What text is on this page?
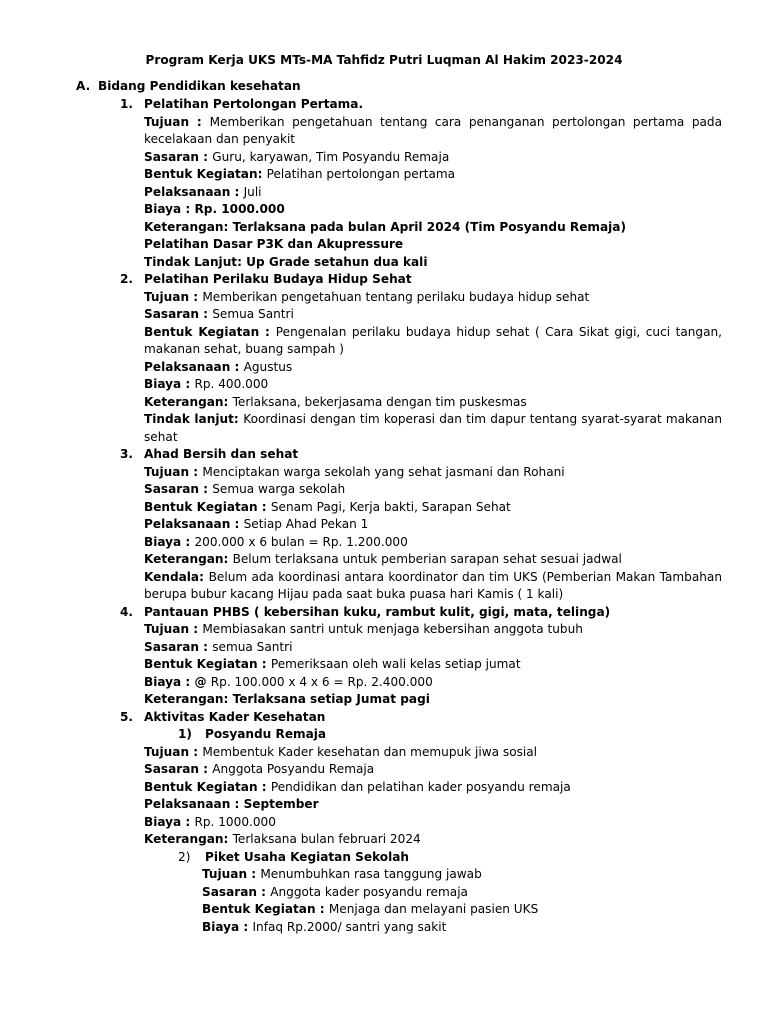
Program Kerja UKS MTs-MA Tahfidz Putri Luqman Al Hakim 2023-2024
A. Bidang Pendidikan kesehatan
1. Pelatihan Pertolongan Pertama.
Tujuan : Memberikan pengetahuan tentang cara penanganan pertolongan pertama pada kecelakaan dan penyakit
Sasaran : Guru, karyawan, Tim Posyandu Remaja
Bentuk Kegiatan: Pelatihan pertolongan pertama
Pelaksanaan : Juli
Biaya : Rp. 1000.000
Keterangan: Terlaksana pada bulan April 2024 (Tim Posyandu Remaja)
Pelatihan Dasar P3K dan Akupressure
Tindak Lanjut: Up Grade setahun dua kali
2. Pelatihan Perilaku Budaya Hidup Sehat
Tujuan : Memberikan pengetahuan tentang perilaku budaya hidup sehat
Sasaran : Semua Santri
Bentuk Kegiatan : Pengenalan perilaku budaya hidup sehat ( Cara Sikat gigi, cuci tangan, makanan sehat, buang sampah )
Pelaksanaan : Agustus
Biaya : Rp. 400.000
Keterangan: Terlaksana, bekerjasama dengan tim puskesmas
Tindak lanjut: Koordinasi dengan tim koperasi dan tim dapur tentang syarat-syarat makanan sehat
3. Ahad Bersih dan sehat
Tujuan : Menciptakan warga sekolah yang sehat jasmani dan Rohani
Sasaran : Semua warga sekolah
Bentuk Kegiatan : Senam Pagi, Kerja bakti, Sarapan Sehat
Pelaksanaan : Setiap Ahad Pekan 1
Biaya : 200.000 x 6 bulan = Rp. 1.200.000
Keterangan: Belum terlaksana untuk pemberian sarapan sehat sesuai jadwal
Kendala: Belum ada koordinasi antara koordinator dan tim UKS (Pemberian Makan Tambahan berupa bubur kacang Hijau pada saat buka puasa hari Kamis ( 1 kali)
4. Pantauan PHBS ( kebersihan kuku, rambut kulit, gigi, mata, telinga)
Tujuan : Membiasakan santri untuk menjaga kebersihan anggota tubuh
Sasaran : semua Santri
Bentuk Kegiatan : Pemeriksaan oleh wali kelas setiap jumat
Biaya : @ Rp. 100.000 x 4 x 6 = Rp. 2.400.000
Keterangan: Terlaksana setiap Jumat pagi
5. Aktivitas Kader Kesehatan
1) Posyandu Remaja
Tujuan : Membentuk Kader kesehatan dan memupuk jiwa sosial
Sasaran : Anggota Posyandu Remaja
Bentuk Kegiatan : Pendidikan dan pelatihan kader posyandu remaja
Pelaksanaan : September
Biaya : Rp. 1000.000
Keterangan: Terlaksana bulan februari 2024
2) Piket Usaha Kegiatan Sekolah
Tujuan : Menumbuhkan rasa tanggung jawab
Sasaran : Anggota kader posyandu remaja
Bentuk Kegiatan : Menjaga dan melayani pasien UKS
Biaya : Infaq Rp.2000/ santri yang sakit
